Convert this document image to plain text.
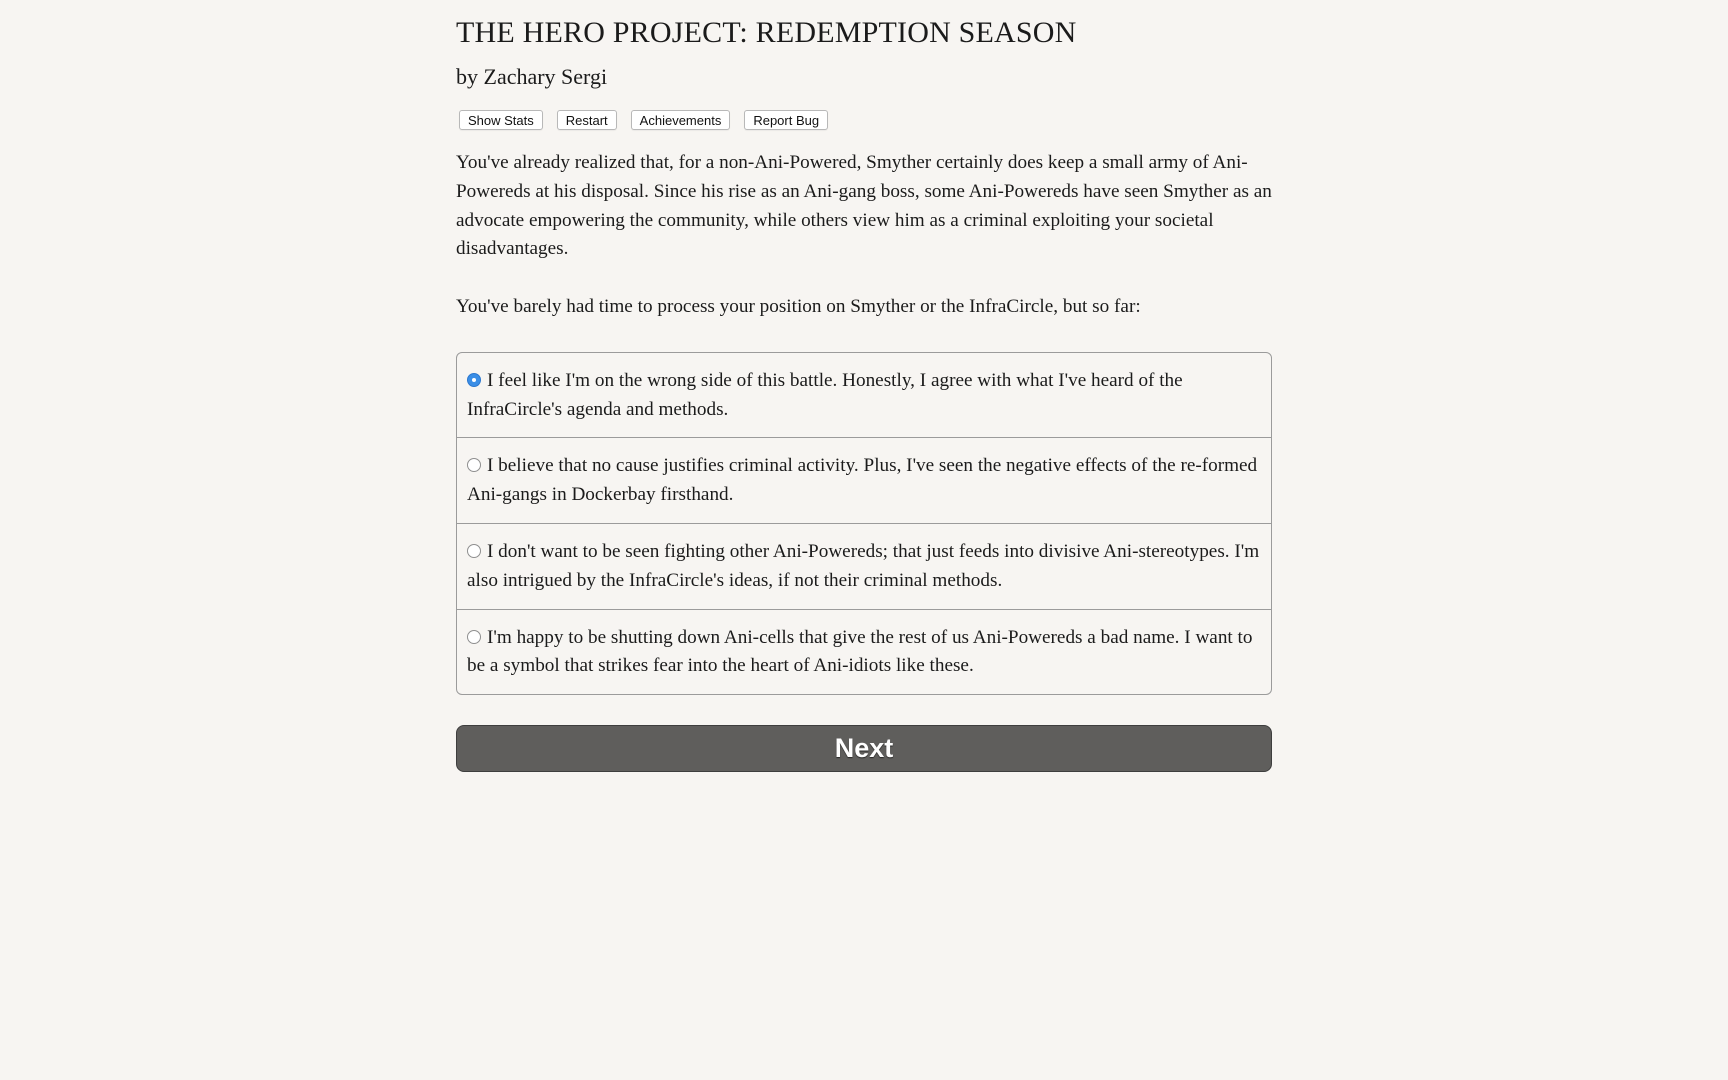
THE HERO PROJECT: REDEMPTION SEASON
by Zachary Sergi
Show Stats	Restart	Achievements	Report Bug

You've already realized that, for a non-Ani-Powered, Smyther certainly does keep a small army of Ani-Powereds at his disposal. Since his rise as an Ani-gang boss, some Ani-Powereds have seen Smyther as an advocate empowering the community, while others view him as a criminal exploiting your societal disadvantages.

You've barely had time to process your position on Smyther or the InfraCircle, but so far:

I feel like I'm on the wrong side of this battle. Honestly, I agree with what I've heard of the InfraCircle's agenda and methods.
I believe that no cause justifies criminal activity. Plus, I've seen the negative effects of the re-formed Ani-gangs in Dockerbay firsthand.
I don't want to be seen fighting other Ani-Powereds; that just feeds into divisive Ani-stereotypes. I'm also intrigued by the InfraCircle's ideas, if not their criminal methods.
I'm happy to be shutting down Ani-cells that give the rest of us Ani-Powereds a bad name. I want to be a symbol that strikes fear into the heart of Ani-idiots like these.
Next
